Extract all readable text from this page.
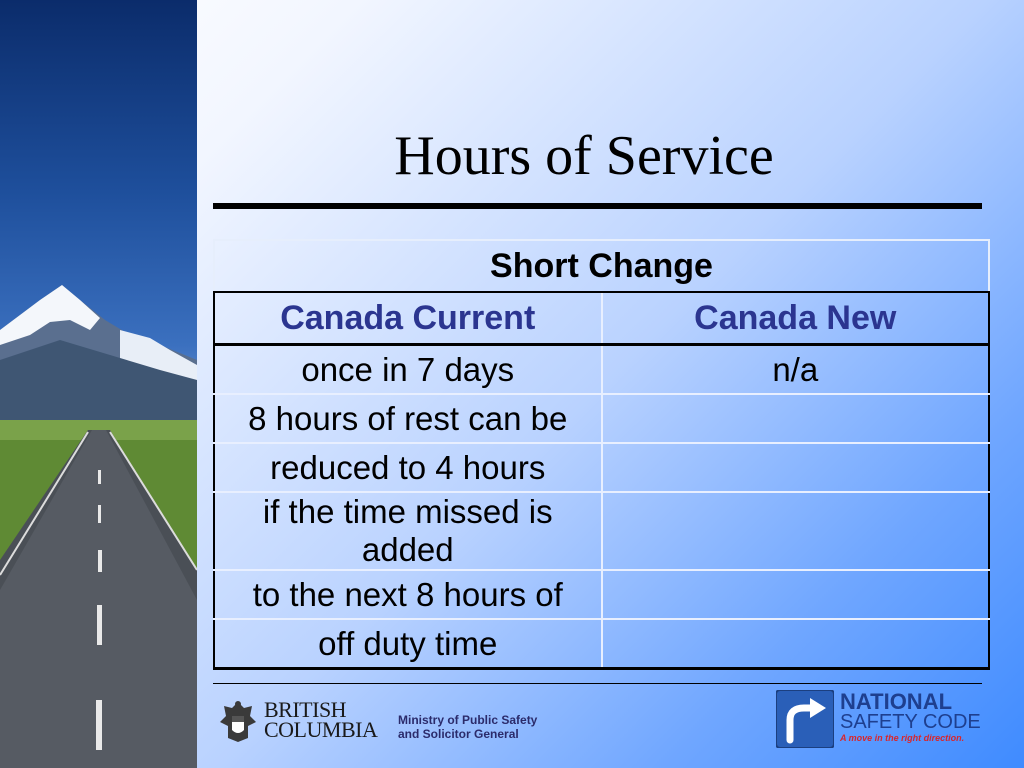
Hours of Service
Short Change	
Canada Current	Canada New
once in 7 days	n/a
8 hours of rest can be	
reduced to 4 hours	
if the time missed is added	
to the next 8 hours of	
off duty time	
BRITISH
COLUMBIA Ministry of Public Safety
and Solicitor General
NATIONAL
SAFETY CODE
A move in the right direction.
